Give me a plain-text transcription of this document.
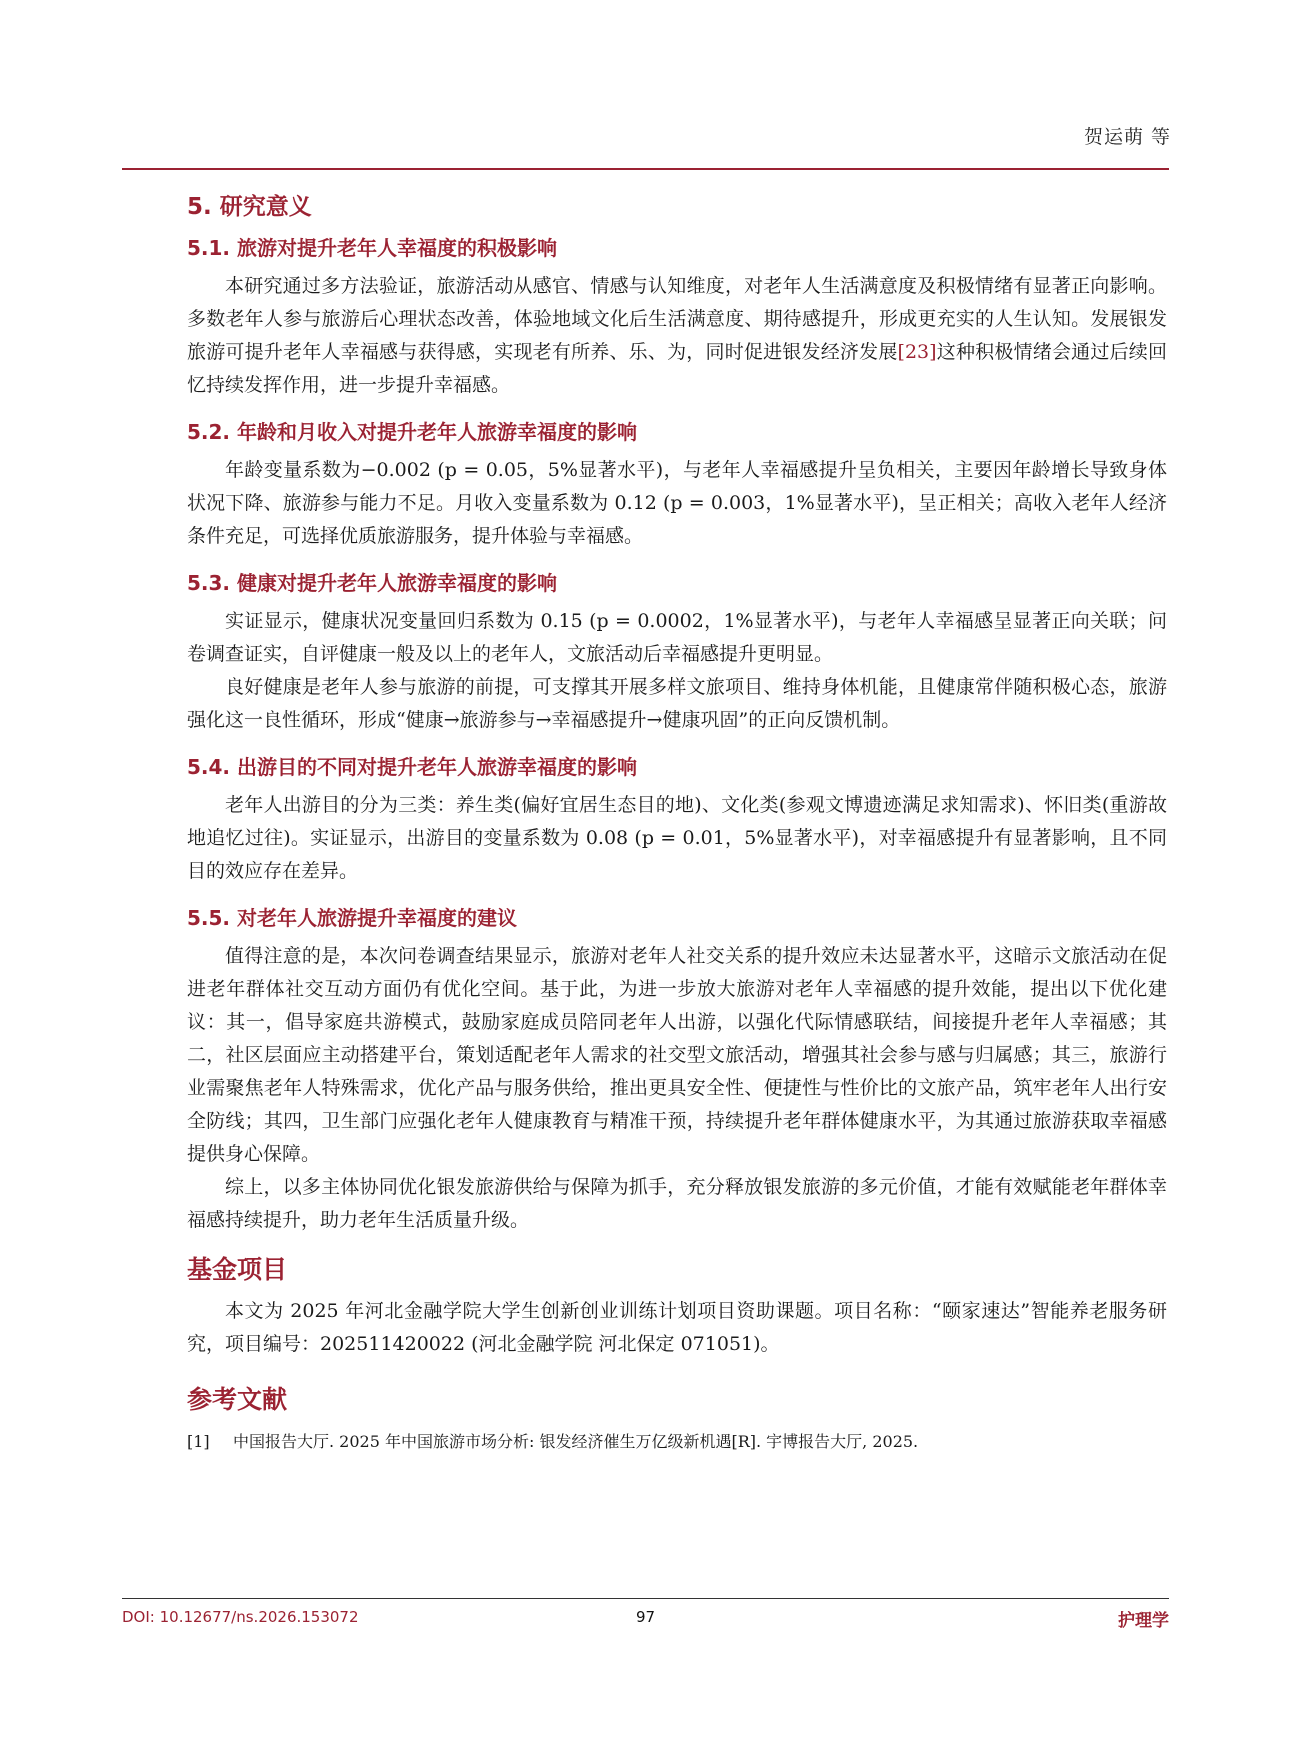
贺运萌 等
5. 研究意义
5.1. 旅游对提升老年人幸福度的积极影响

本研究通过多方法验证，旅游活动从感官、情感与认知维度，对老年人生活满意度及积极情绪有显著正向影响。多数老年人参与旅游后心理状态改善，体验地域文化后生活满意度、期待感提升，形成更充实的人生认知。发展银发旅游可提升老年人幸福感与获得感，实现老有所养、乐、为，同时促进银发经济发展[23]这种积极情绪会通过后续回忆持续发挥作用，进一步提升幸福感。

5.2. 年龄和月收入对提升老年人旅游幸福度的影响

年龄变量系数为−0.002 (p = 0.05，5%显著水平)，与老年人幸福感提升呈负相关，主要因年龄增长导致身体状况下降、旅游参与能力不足。月收入变量系数为 0.12 (p = 0.003，1%显著水平)，呈正相关；高收入老年人经济条件充足，可选择优质旅游服务，提升体验与幸福感。

5.3. 健康对提升老年人旅游幸福度的影响

实证显示，健康状况变量回归系数为 0.15 (p = 0.0002，1%显著水平)，与老年人幸福感呈显著正向关联；问卷调查证实，自评健康一般及以上的老年人，文旅活动后幸福感提升更明显。

良好健康是老年人参与旅游的前提，可支撑其开展多样文旅项目、维持身体机能，且健康常伴随积极心态，旅游强化这一良性循环，形成“健康→旅游参与→幸福感提升→健康巩固”的正向反馈机制。

5.4. 出游目的不同对提升老年人旅游幸福度的影响

老年人出游目的分为三类：养生类(偏好宜居生态目的地)、文化类(参观文博遗迹满足求知需求)、怀旧类(重游故地追忆过往)。实证显示，出游目的变量系数为 0.08 (p = 0.01，5%显著水平)，对幸福感提升有显著影响，且不同目的效应存在差异。

5.5. 对老年人旅游提升幸福度的建议

值得注意的是，本次问卷调查结果显示，旅游对老年人社交关系的提升效应未达显著水平，这暗示文旅活动在促进老年群体社交互动方面仍有优化空间。基于此，为进一步放大旅游对老年人幸福感的提升效能，提出以下优化建议：其一，倡导家庭共游模式，鼓励家庭成员陪同老年人出游，以强化代际情感联结，间接提升老年人幸福感；其二，社区层面应主动搭建平台，策划适配老年人需求的社交型文旅活动，增强其社会参与感与归属感；其三，旅游行业需聚焦老年人特殊需求，优化产品与服务供给，推出更具安全性、便捷性与性价比的文旅产品，筑牢老年人出行安全防线；其四，卫生部门应强化老年人健康教育与精准干预，持续提升老年群体健康水平，为其通过旅游获取幸福感提供身心保障。

综上，以多主体协同优化银发旅游供给与保障为抓手，充分释放银发旅游的多元价值，才能有效赋能老年群体幸福感持续提升，助力老年生活质量升级。

基金项目

本文为 2025 年河北金融学院大学生创新创业训练计划项目资助课题。项目名称：“颐家速达”智能养老服务研究，项目编号：202511420022 (河北金融学院 河北保定 071051)。

参考文献
[1]	中国报告大厅. 2025 年中国旅游市场分析: 银发经济催生万亿级新机遇[R]. 宇博报告大厅, 2025.
DOI: 10.12677/ns.2026.153072	97	护理学
